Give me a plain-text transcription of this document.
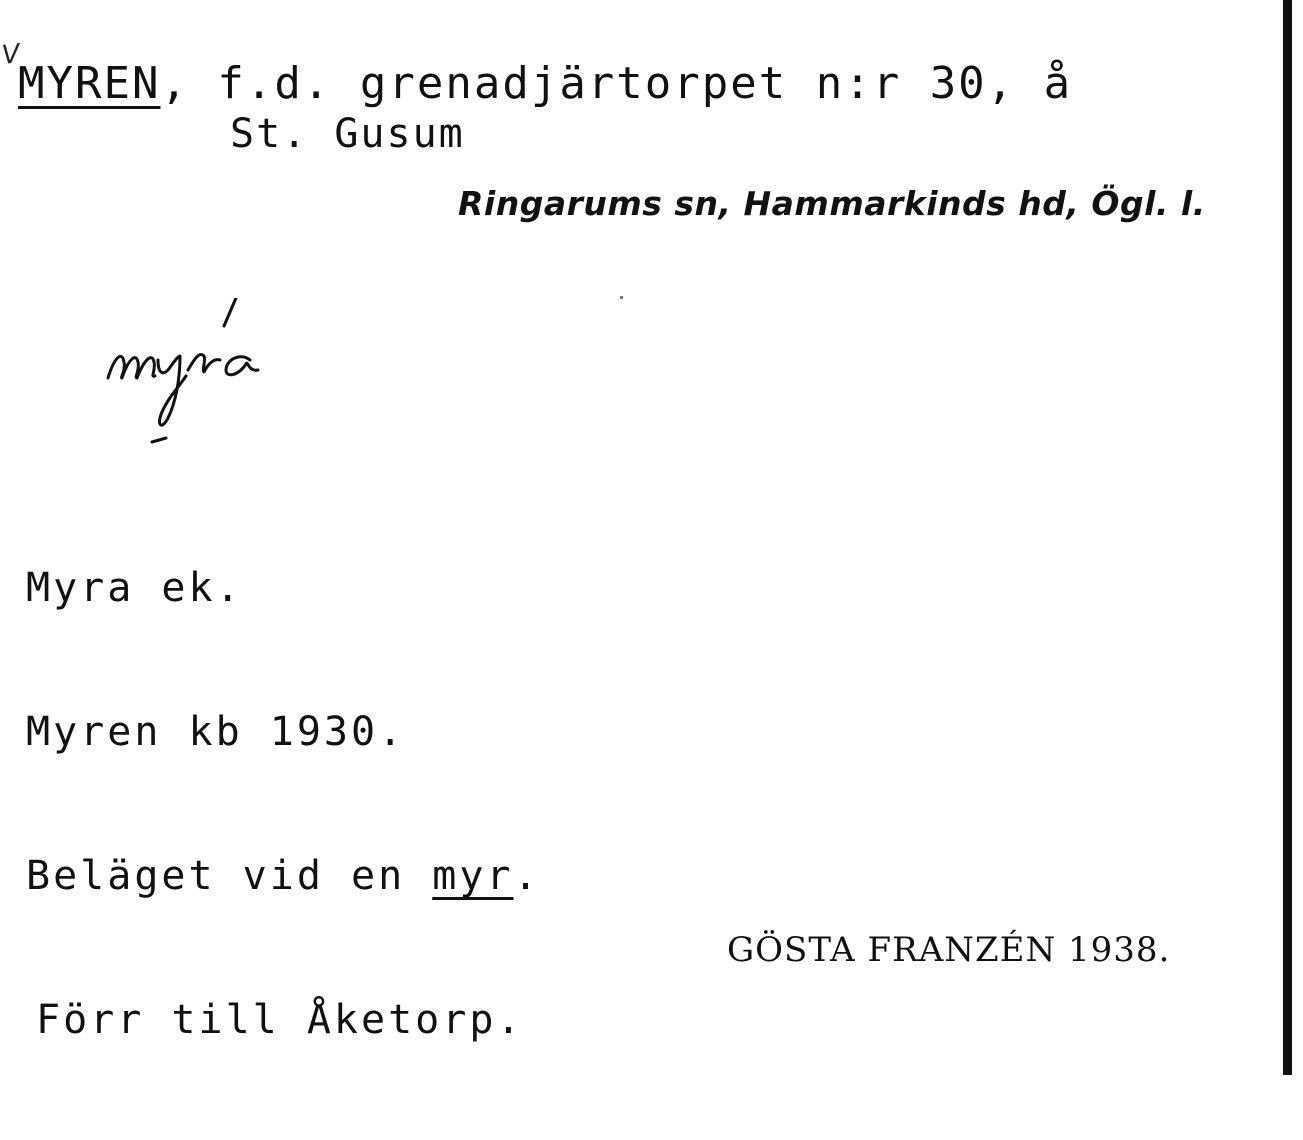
V
MYREN, f.d. grenadjärtorpet n:r 30, å
St. Gusum
Ringarums sn, Hammarkinds hd, Ögl. l.

Myra ek.

Myren kb 1930.

Beläget vid en myr.

Förr till Åketorp.

GÖSTA FRANZÉN 1938.
